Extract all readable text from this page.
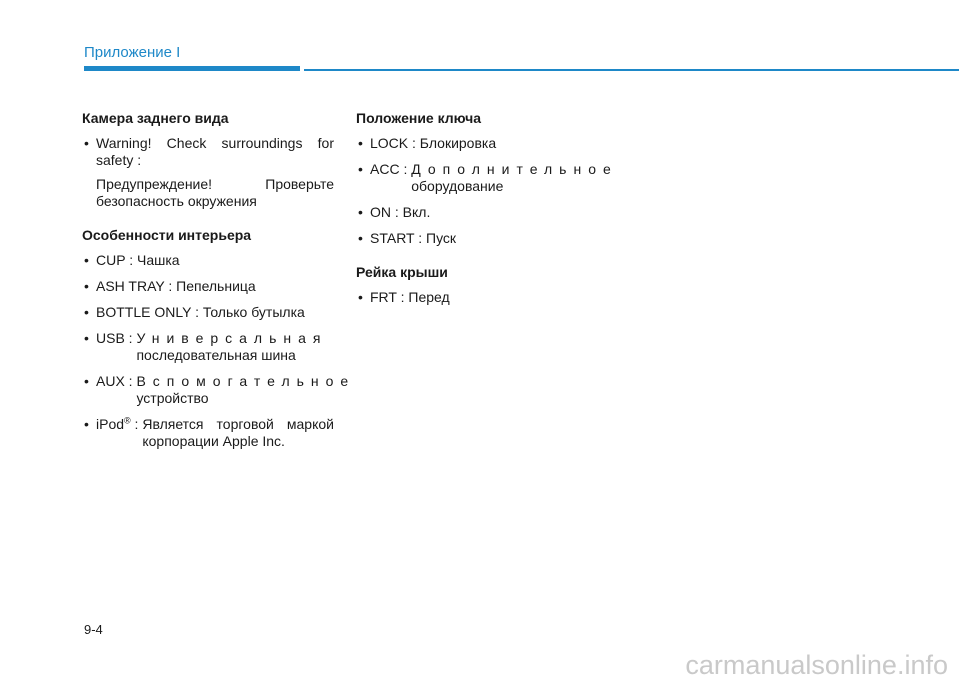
Приложение I
Камера заднего вида
• Warning! Check surroundings for safety :
Предупреждение! Проверьте безопасность окружения
Особенности интерьера
• CUP : Чашка
• ASH TRAY : Пепельница
• BOTTLE ONLY : Только бутылка
• USB : Универсальная
последовательная шина
• AUX : Вспомогательное
устройство
• iPod® : Является торговой маркой корпорации Apple Inc.
Положение ключа
• LOCK : Блокировка
• ACC : Дополнительное
оборудование
• ON : Вкл.
• START : Пуск
Рейка крыши
• FRT : Перед
9-4
carmanualsonline.info
